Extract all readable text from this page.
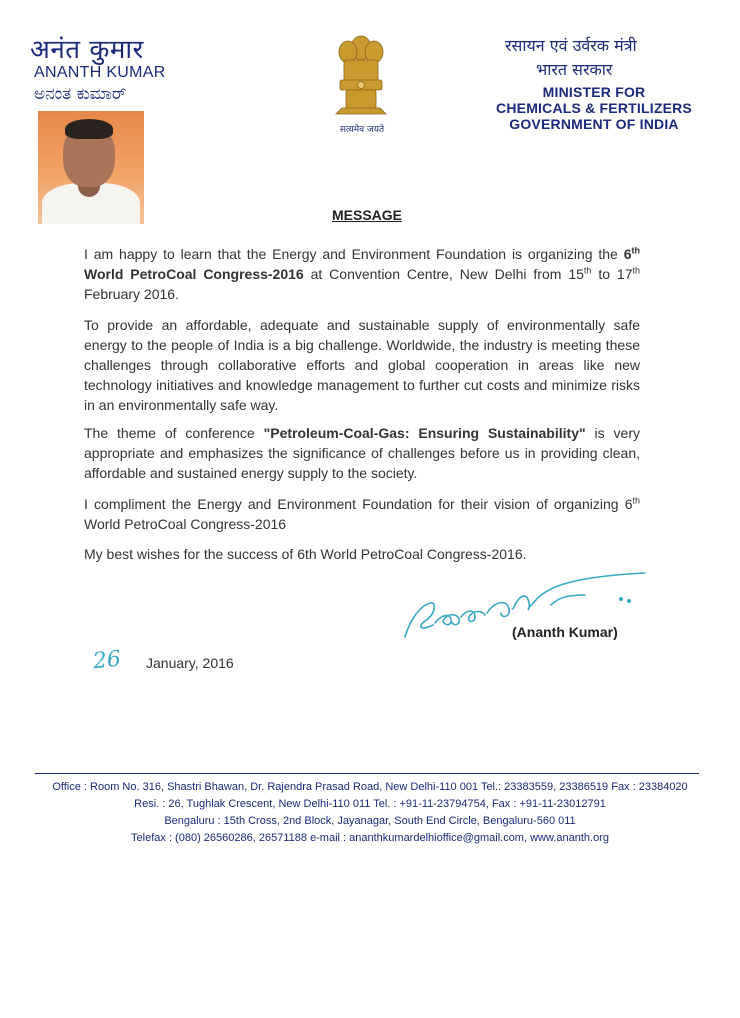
अनंत कुमार
ANANTH KUMAR
ಅನಂತ ಕುಮಾರ್
सत्यमेव जयते
रसायन एवं उर्वरक मंत्री
भारत सरकार
MINISTER FOR
CHEMICALS & FERTILIZERS
GOVERNMENT OF INDIA
MESSAGE
I am happy to learn that the Energy and Environment Foundation is organizing the 6th World PetroCoal Congress-2016 at Convention Centre, New Delhi from 15th to 17th February 2016.
To provide an affordable, adequate and sustainable supply of environmentally safe energy to the people of India is a big challenge. Worldwide, the industry is meeting these challenges through collaborative efforts and global cooperation in areas like new technology initiatives and knowledge management to further cut costs and minimize risks in an environmentally safe way.
The theme of conference "Petroleum-Coal-Gas: Ensuring Sustainability" is very appropriate and emphasizes the significance of challenges before us in providing clean, affordable and sustained energy supply to the society.
I compliment the Energy and Environment Foundation for their vision of organizing 6th World PetroCoal Congress-2016
My best wishes for the success of 6th World PetroCoal Congress-2016.
(Ananth Kumar)
26 January, 2016
Office : Room No. 316, Shastri Bhawan, Dr. Rajendra Prasad Road, New Delhi-110 001 Tel.: 23383559, 23386519 Fax : 23384020
Resi. : 26, Tughlak Crescent, New Delhi-110 011 Tel. : +91-11-23794754, Fax : +91-11-23012791
Bengaluru : 15th Cross, 2nd Block, Jayanagar, South End Circle, Bengaluru-560 011
Telefax : (080) 26560286, 26571188 e-mail : ananthkumardelhioffice@gmail.com, www.ananth.org
